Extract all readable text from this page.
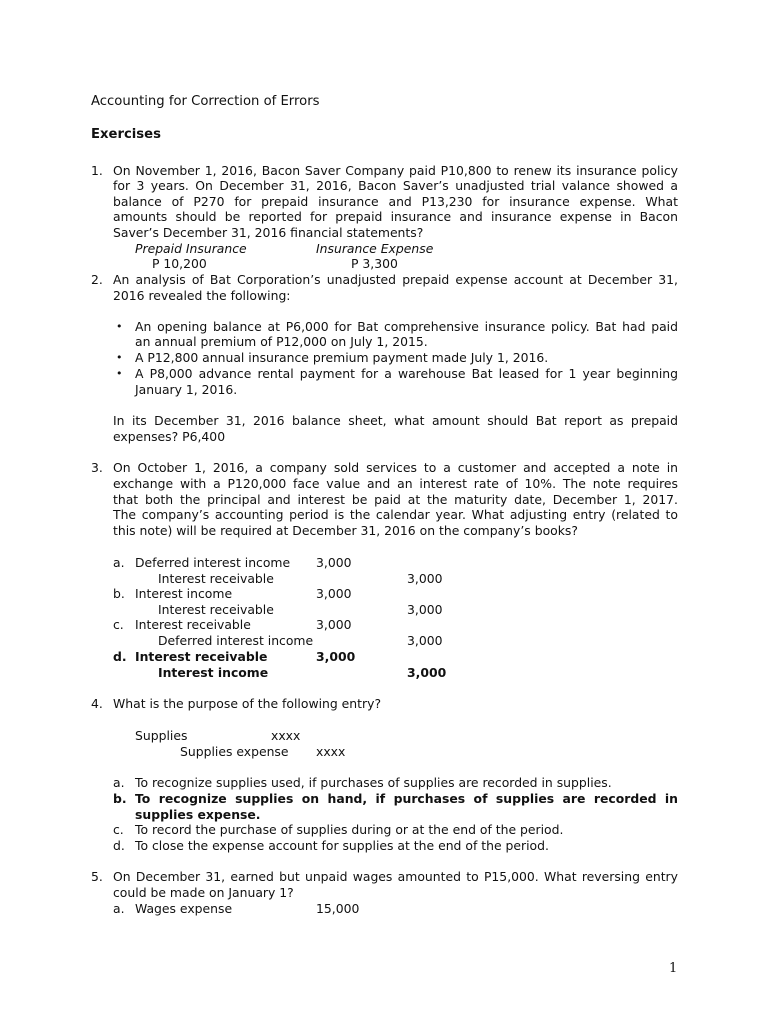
Accounting for Correction of Errors
Exercises
1. On November 1, 2016, Bacon Saver Company paid P10,800 to renew its insurance policy
for 3 years. On December 31, 2016, Bacon Saver’s unadjusted trial valance showed a
balance of P270 for prepaid insurance and P13,230 for insurance expense. What
amounts should be reported for prepaid insurance and insurance expense in Bacon
Saver’s December 31, 2016 financial statements?
Prepaid Insurance	Insurance Expense
P 10,200	P 3,300
2. An analysis of Bat Corporation’s unadjusted prepaid expense account at December 31,
2016 revealed the following:
• An opening balance at P6,000 for Bat comprehensive insurance policy. Bat had paid
an annual premium of P12,000 on July 1, 2015.
• A P12,800 annual insurance premium payment made July 1, 2016.
• A P8,000 advance rental payment for a warehouse Bat leased for 1 year beginning
January 1, 2016.
In its December 31, 2016 balance sheet, what amount should Bat report as prepaid
expenses? P6,400
3. On October 1, 2016, a company sold services to a customer and accepted a note in
exchange with a P120,000 face value and an interest rate of 10%. The note requires
that both the principal and interest be paid at the maturity date, December 1, 2017.
The company’s accounting period is the calendar year. What adjusting entry (related to
this note) will be required at December 31, 2016 on the company’s books?
a. Deferred interest income 3,000
Interest receivable	3,000
b. Interest income	3,000
Interest receivable	3,000
c. Interest receivable	3,000
Deferred interest income	3,000
d. Interest receivable	3,000
Interest income	3,000
4. What is the purpose of the following entry?
Supplies	xxxx
Supplies expense xxxx
a. To recognize supplies used, if purchases of supplies are recorded in supplies.
b. To recognize supplies on hand, if purchases of supplies are recorded in
supplies expense.
c. To record the purchase of supplies during or at the end of the period.
d. To close the expense account for supplies at the end of the period.
5. On December 31, earned but unpaid wages amounted to P15,000. What reversing entry
could be made on January 1?
a. Wages expense	15,000
1
